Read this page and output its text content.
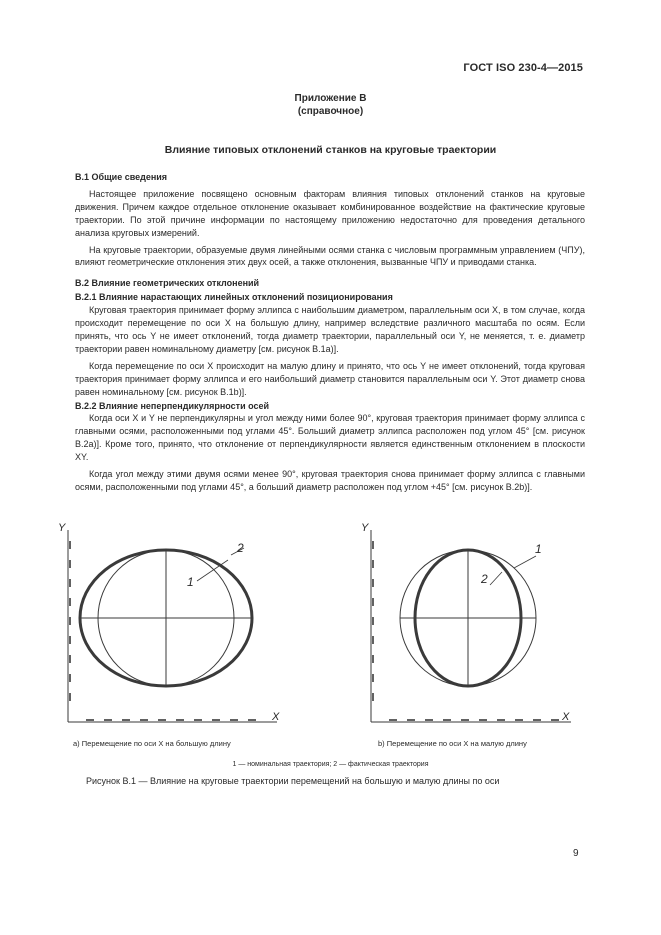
ГОСТ ISO 230-4—2015
Приложение В
(справочное)
Влияние типовых отклонений станков на круговые траектории
В.1 Общие сведения

Настоящее приложение посвящено основным факторам влияния типовых отклонений станков на круговые движения. Причем каждое отдельное отклонение оказывает комбинированное воздействие на фактические круговые траектории. По этой причине информации по настоящему приложению недостаточно для проведения детального анализа круговых измерений.

На круговые траектории, образуемые двумя линейными осями станка с числовым программным управлением (ЧПУ), влияют геометрические отклонения этих двух осей, а также отклонения, вызванные ЧПУ и приводами станка.

В.2 Влияние геометрических отклонений
В.2.1 Влияние нарастающих линейных отклонений позиционирования

Круговая траектория принимает форму эллипса с наибольшим диаметром, параллельным оси X, в том случае, когда происходит перемещение по оси X на большую длину, например вследствие различного масштаба по осям. Если принять, что ось Y не имеет отклонений, тогда диаметр траектории, параллельный оси Y, не меняется, т. е. диаметр траектории равен номинальному диаметру [см. рисунок В.1a)].

Когда перемещение по оси X происходит на малую длину и принято, что ось Y не имеет отклонений, тогда круговая траектория принимает форму эллипса и его наибольший диаметр становится параллельным оси Y. Этот диаметр снова равен номинальному [см. рисунок В.1b)].

В.2.2 Влияние неперпендикулярности осей

Когда оси X и Y не перпендикулярны и угол между ними более 90°, круговая траектория принимает форму эллипса с главными осями, расположенными под углами 45°. Больший диаметр эллипса расположен под углом 45° [см. рисунок В.2a)]. Кроме того, принято, что отклонение от перпендикулярности является единственным отклонением в плоскости XY.

Когда угол между этими двумя осями менее 90°, круговая траектория снова принимает форму эллипса с главными осями, расположенными под углами 45°, а больший диаметр расположен под углом +45° [см. рисунок В.2b)].

Y
X
2
1
Y
X
1
2
а) Перемещение по оси X на большую длину	b) Перемещение по оси X на малую длину
1 — номинальная траектория; 2 — фактическая траектория
Рисунок В.1 — Влияние на круговые траектории перемещений на большую и малую длины по оси
9
